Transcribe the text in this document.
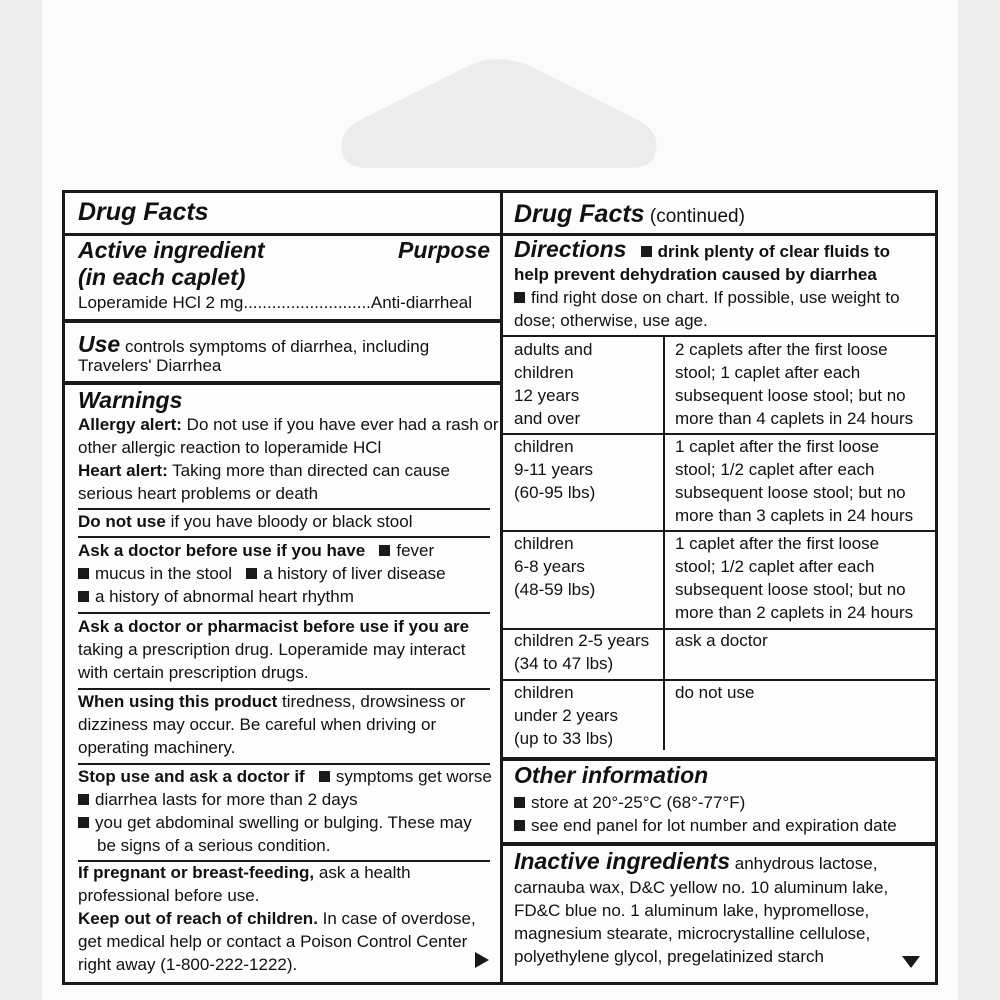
Drug Facts
Active ingredient
(in each caplet)
Purpose
Loperamide HCl 2 mg...........................Anti-diarrheal
Use controls symptoms of diarrhea, including
Travelers' Diarrhea
Warnings
Allergy alert: Do not use if you have ever had a rash or
other allergic reaction to loperamide HCl
Heart alert: Taking more than directed can cause
serious heart problems or death
Do not use if you have bloody or black stool
Ask a doctor before use if you have fever
mucus in the stool a history of liver disease
a history of abnormal heart rhythm
Ask a doctor or pharmacist before use if you are
taking a prescription drug. Loperamide may interact
with certain prescription drugs.
When using this product tiredness, drowsiness or
dizziness may occur. Be careful when driving or
operating machinery.
Stop use and ask a doctor if symptoms get worse
diarrhea lasts for more than 2 days
you get abdominal swelling or bulging. These may
be signs of a serious condition.
If pregnant or breast-feeding, ask a health
professional before use.
Keep out of reach of children. In case of overdose,
get medical help or contact a Poison Control Center
right away (1-800-222-1222).
Drug Facts (continued)
Directions drink plenty of clear fluids to
help prevent dehydration caused by diarrhea
find right dose on chart. If possible, use weight to
dose; otherwise, use age.
adults and
children
12 years
and over
2 caplets after the first loose
stool; 1 caplet after each
subsequent loose stool; but no
more than 4 caplets in 24 hours
children
9-11 years
(60-95 lbs)
1 caplet after the first loose
stool; 1/2 caplet after each
subsequent loose stool; but no
more than 3 caplets in 24 hours
children
6-8 years
(48-59 lbs)
1 caplet after the first loose
stool; 1/2 caplet after each
subsequent loose stool; but no
more than 2 caplets in 24 hours
children 2-5 years
(34 to 47 lbs)
ask a doctor
children
under 2 years
(up to 33 lbs)
do not use
Other information
store at 20°-25°C (68°-77°F)
see end panel for lot number and expiration date
Inactive ingredients anhydrous lactose,
carnauba wax, D&C yellow no. 10 aluminum lake,
FD&C blue no. 1 aluminum lake, hypromellose,
magnesium stearate, microcrystalline cellulose,
polyethylene glycol, pregelatinized starch
